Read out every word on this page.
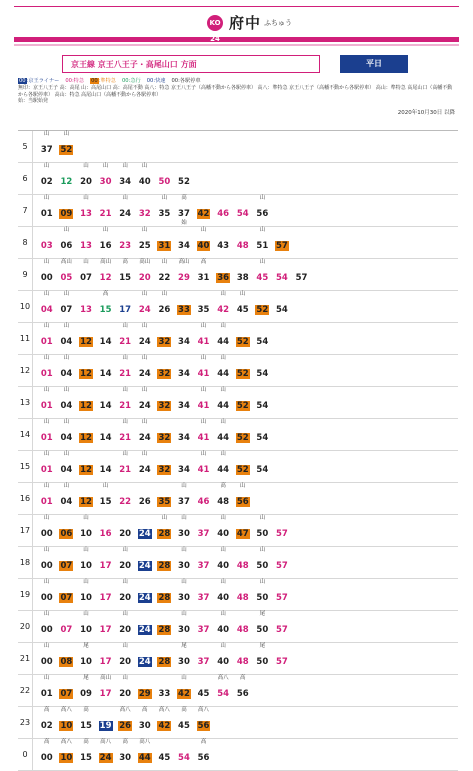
KO 24
府中 ふちゅう
京王線 京王八王子・高尾山口 方面	平日
00:京王ライナー 00:特急 00:準特急 00:急行 00:快速 00:各駅停車
無印：京王八王子 高：高尾 山：高尾山口 高：高尾不動 高八：特急 京王八王子（高幡不動から各駅停車） 高八：準特急 京王八王子（高幡不動から各駅停車） 高山：準特急 高尾山口（高幡不動から各駅停車） 高山：特急 高尾山口（高幡不動から各駅停車）
始：当駅始発
2020年10月30日 以降
5
山
37
山
52
6
山
02 12
山
20
山
30
山
34
山
40 50 52
7
山
01 09
山
13 21
山
24 32
山
35
高
37
始
42 46 54
山
56
8	03
山
06 13
山
16 23
山
25 31 34
山
40 43 48
山
51 57
9
山
00
高山
05
山
07
高山
12
高
15
高山
20
山
22
高山
29
高
31 36 38
山
45 54 57
10
山
04
山
07 13
高
15 17
山
24
山
26 33 35
山
42
山
45 52 54
11
山
01
山
04 12 14
山
21
山
24 32 34
山
41
山
44 52 54
12
山
01
山
04 12 14
山
21
山
24 32 34
山
41
山
44 52 54
13
山
01
山
04 12 14
山
21
山
24 32 34
山
41
山
44 52 54
14
山
01
山
04 12 14
山
21
山
24 32 34
山
41
山
44 52 54
15
山
01
山
04 12 14
山
21
山
24 32 34
山
41
山
44 52 54
16
山
01
山
04 12
山
15 22 26 35
山
37 46
高
48
山
56
17
山
00 06
山
10 16 20 24
山
28
山
30 37
山
40 47
山
50 57
18
山
00 07
山
10 17
山
20 24 28
山
30 37
山
40 48
山
50 57
19
山
00 07
山
10 17
山
20 24 28
山
30 37
山
40 48
山
50 57
20
山
00 07
山
10 17
山
20 24 28
山
30 37
山
40 48
尾
50 57
21
山
00 08
尾
10 17
山
20 24 28
尾
30 37
山
40 48
尾
50 57
22
山
01 07
尾
09
高山
17
山
20 29 33
山
42 45
高八
54
高
56
23
高
02
高八
10
高
15 19
高八
26
高
30
高八
42
高
45
高八
56
0
高
00
高八
10
高
15
高八
24
高
30
高八
44 45 54
高
56
